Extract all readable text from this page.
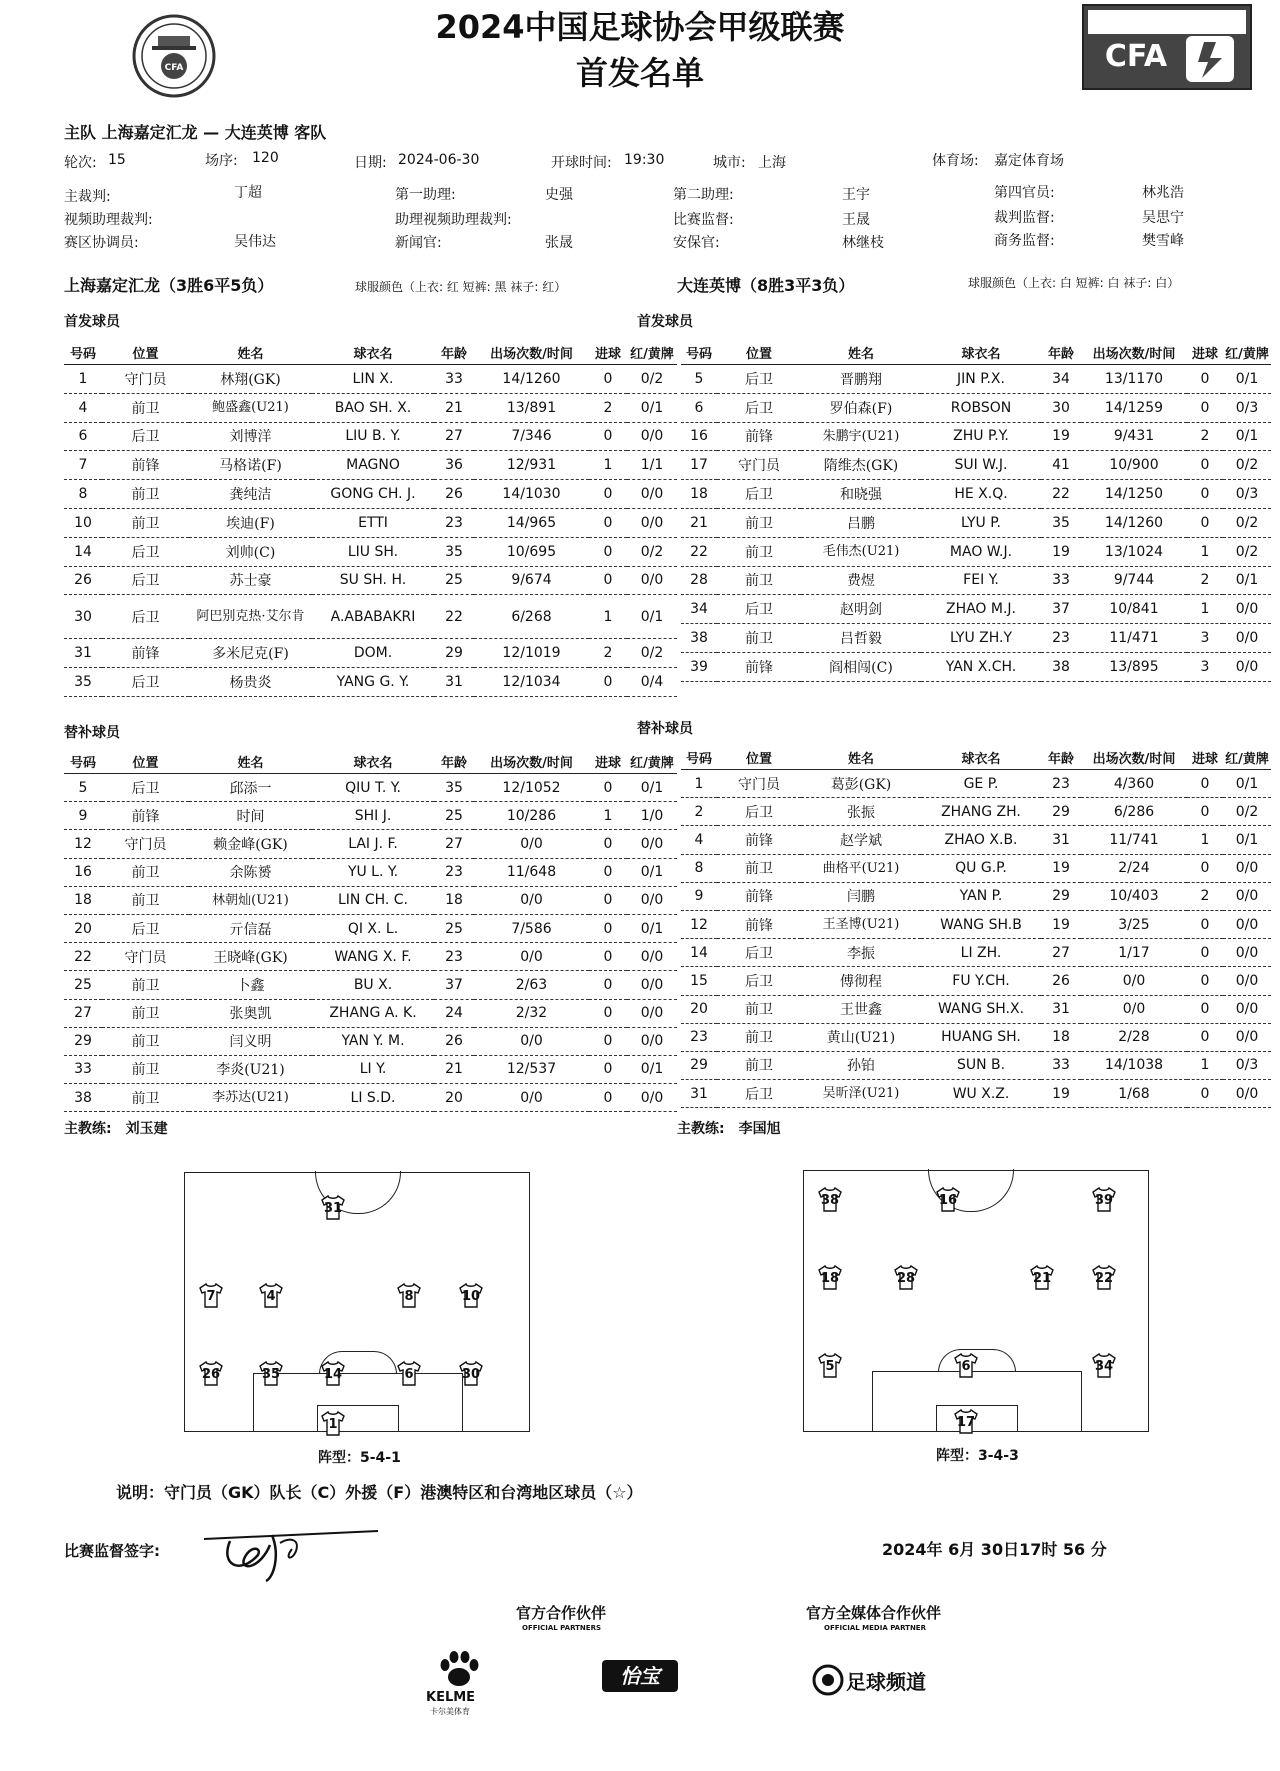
CFA
2024中国足球协会甲级联赛
首发名单	CFA
主队 上海嘉定汇龙 — 大连英博 客队
轮次: 15	场序: 120	日期: 2024-06-30	开球时间: 19:30	城市: 上海	体育场: 嘉定体育场
主裁判:	丁超	第一助理:	史强	第二助理:	王宇	第四官员:	林兆浩
视频助理裁判:	助理视频助理裁判:	比赛监督:	王晟	裁判监督:	吴思宁
赛区协调员:	吴伟达	新闻官:	张晟	安保官:	林继枝	商务监督:	樊雪峰
上海嘉定汇龙（3胜6平5负）	球服颜色（上衣: 红 短裤: 黑 袜子: 红）	大连英博（8胜3平3负）	球服颜色（上衣: 白 短裤: 白 袜子: 白）
首发球员	首发球员
号码	位置	姓名	球衣名	年龄	出场次数/时间	进球	红/黄牌
1	守门员	林翔(GK)	LIN X.	33	14/1260	0	0/2
4	前卫	鲍盛鑫(U21)	BAO SH. X.	21	13/891	2	0/1
6	后卫	刘博洋	LIU B. Y.	27	7/346	0	0/0
7	前锋	马格诺(F)	MAGNO	36	12/931	1	1/1
8	前卫	龚纯洁	GONG CH. J.	26	14/1030	0	0/0
10	前卫	埃迪(F)	ETTI	23	14/965	0	0/0
14	后卫	刘帅(C)	LIU SH.	35	10/695	0	0/2
26	后卫	苏士豪	SU SH. H.	25	9/674	0	0/0
30	后卫	阿巴别克热·艾尔肯	A.ABABAKRI	22	6/268	1	0/1
31	前锋	多米尼克(F)	DOM.	29	12/1019	2	0/2
35	后卫	杨贵炎	YANG G. Y.	31	12/1034	0	0/4
号码	位置	姓名	球衣名	年龄	出场次数/时间	进球	红/黄牌
5	后卫	晋鹏翔	JIN P.X.	34	13/1170	0	0/1
6	后卫	罗伯森(F)	ROBSON	30	14/1259	0	0/3
16	前锋	朱鹏宇(U21)	ZHU P.Y.	19	9/431	2	0/1
17	守门员	隋维杰(GK)	SUI W.J.	41	10/900	0	0/2
18	后卫	和晓强	HE X.Q.	22	14/1250	0	0/3
21	前卫	吕鹏	LYU P.	35	14/1260	0	0/2
22	前卫	毛伟杰(U21)	MAO W.J.	19	13/1024	1	0/2
28	前卫	费煜	FEI Y.	33	9/744	2	0/1
34	后卫	赵明剑	ZHAO M.J.	37	10/841	1	0/0
38	前卫	吕哲毅	LYU ZH.Y	23	11/471	3	0/0
39	前锋	阎相闯(C)	YAN X.CH.	38	13/895	3	0/0
替补球员	替补球员
号码	位置	姓名	球衣名	年龄	出场次数/时间	进球	红/黄牌
5	后卫	邱添一	QIU T. Y.	35	12/1052	0	0/1
9	前锋	时间	SHI J.	25	10/286	1	1/0
12	守门员	赖金峰(GK)	LAI J. F.	27	0/0	0	0/0
16	前卫	余陈赟	YU L. Y.	23	11/648	0	0/1
18	前卫	林朝灿(U21)	LIN CH. C.	18	0/0	0	0/0
20	后卫	亓信磊	QI X. L.	25	7/586	0	0/1
22	守门员	王晓峰(GK)	WANG X. F.	23	0/0	0	0/0
25	前卫	卜鑫	BU X.	37	2/63	0	0/0
27	前卫	张奥凯	ZHANG A. K.	24	2/32	0	0/0
29	前卫	闫义明	YAN Y. M.	26	0/0	0	0/0
33	前卫	李炎(U21)	LI Y.	21	12/537	0	0/1
38	前卫	李苏达(U21)	LI S.D.	20	0/0	0	0/0
号码	位置	姓名	球衣名	年龄	出场次数/时间	进球	红/黄牌
1	守门员	葛彭(GK)	GE P.	23	4/360	0	0/1
2	后卫	张振	ZHANG ZH.	29	6/286	0	0/2
4	前锋	赵学斌	ZHAO X.B.	31	11/741	1	0/1
8	前卫	曲格平(U21)	QU G.P.	19	2/24	0	0/0
9	前锋	闫鹏	YAN P.	29	10/403	2	0/0
12	前锋	王圣博(U21)	WANG SH.B	19	3/25	0	0/0
14	后卫	李振	LI ZH.	27	1/17	0	0/0
15	后卫	傅彻程	FU Y.CH.	26	0/0	0	0/0
20	前卫	王世鑫	WANG SH.X.	31	0/0	0	0/0
23	前卫	黄山(U21)	HUANG SH.	18	2/28	0	0/0
29	前卫	孙铂	SUN B.	33	14/1038	1	0/3
31	后卫	吴昕泽(U21)	WU X.Z.	19	1/68	0	0/0
主教练:　刘玉建	主教练:　李国旭
31
7	4	8	10
26	35	14	6	30
1
阵型：5-4-1
38	16	39
18	28	21	22
5	6	34
17
阵型：3-4-3
说明：守门员（GK）队长（C）外援（F）港澳特区和台湾地区球员（☆）
比赛监督签字:	2024年 6月 30日17时 56 分
官方合作伙伴
OFFICIAL PARTNERS
官方全媒体合作伙伴
OFFICIAL MEDIA PARTNER
KELME
卡尔美体育
怡宝	足球频道
